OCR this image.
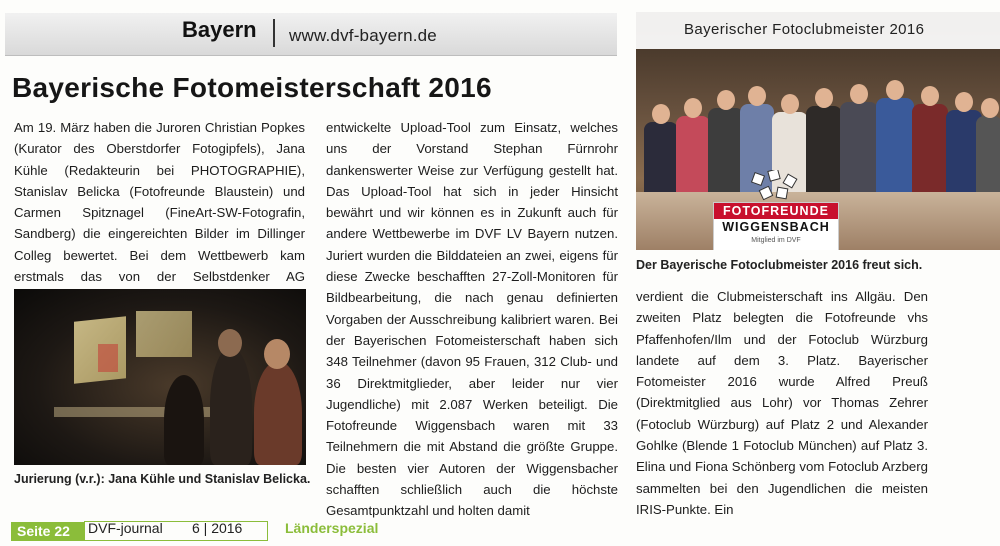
Bayern www.dvf-bayern.de
Bayerische Fotomeisterschaft 2016

Am 19. März haben die Juroren Christian Popkes (Kurator des Oberstdorfer Fotogipfels), Jana Kühle (Redakteurin bei PHOTOGRAPHIE), Stanislav Belicka (Fotofreunde Blaustein) und Carmen Spitznagel (FineArt-SW-Fotografin, Sandberg) die eingereichten Bilder im Dillinger Colleg bewertet. Bei dem Wettbewerb kam erstmals das von der Selbstdenker AG

Jurierung (v.r.): Jana Kühle und Stanislav Belicka.

entwickelte Upload-Tool zum Einsatz, welches uns der Vorstand Stephan Fürnrohr dankenswerter Weise zur Verfügung gestellt hat. Das Upload-Tool hat sich in jeder Hinsicht bewährt und wir können es in Zukunft auch für andere Wettbewerbe im DVF LV Bayern nutzen. Juriert wurden die Bilddateien an zwei, eigens für diese Zwecke beschafften 27-Zoll-Monitoren für Bildbearbeitung, die nach genau definierten Vorgaben der Ausschreibung kalibriert waren. Bei der Bayerischen Fotomeisterschaft haben sich 348 Teilnehmer (davon 95 Frauen, 312 Club- und 36 Direktmitglieder, aber leider nur vier Jugendliche) mit 2.087 Werken beteiligt. Die Fotofreunde Wiggensbach waren mit 33 Teilnehmern die mit Abstand die größte Gruppe. Die besten vier Autoren der Wiggensbacher schafften schließlich auch die höchste Gesamtpunktzahl und holten damit

Bayerischer Fotoclubmeister 2016
FOTOFREUNDE
WIGGENSBACH
Mitglied im DVF
Der Bayerische Fotoclubmeister 2016 freut sich.

verdient die Clubmeisterschaft ins Allgäu. Den zweiten Platz belegten die Fotofreunde vhs Pfaffenhofen/Ilm und der Fotoclub Würzburg landete auf dem 3. Platz. Bayerischer Fotomeister 2016 wurde Alfred Preuß (Direktmitglied aus Lohr) vor Thomas Zehrer (Fotoclub Würzburg) auf Platz 2 und Alexander Gohlke (Blende 1 Fotoclub München) auf Platz 3. Elina und Fiona Schönberg vom Fotoclub Arzberg sammelten bei den Jugendlichen die meisten IRIS-Punkte. Ein

Seite 22	DVF-journal 6 | 2016	Länderspezial
